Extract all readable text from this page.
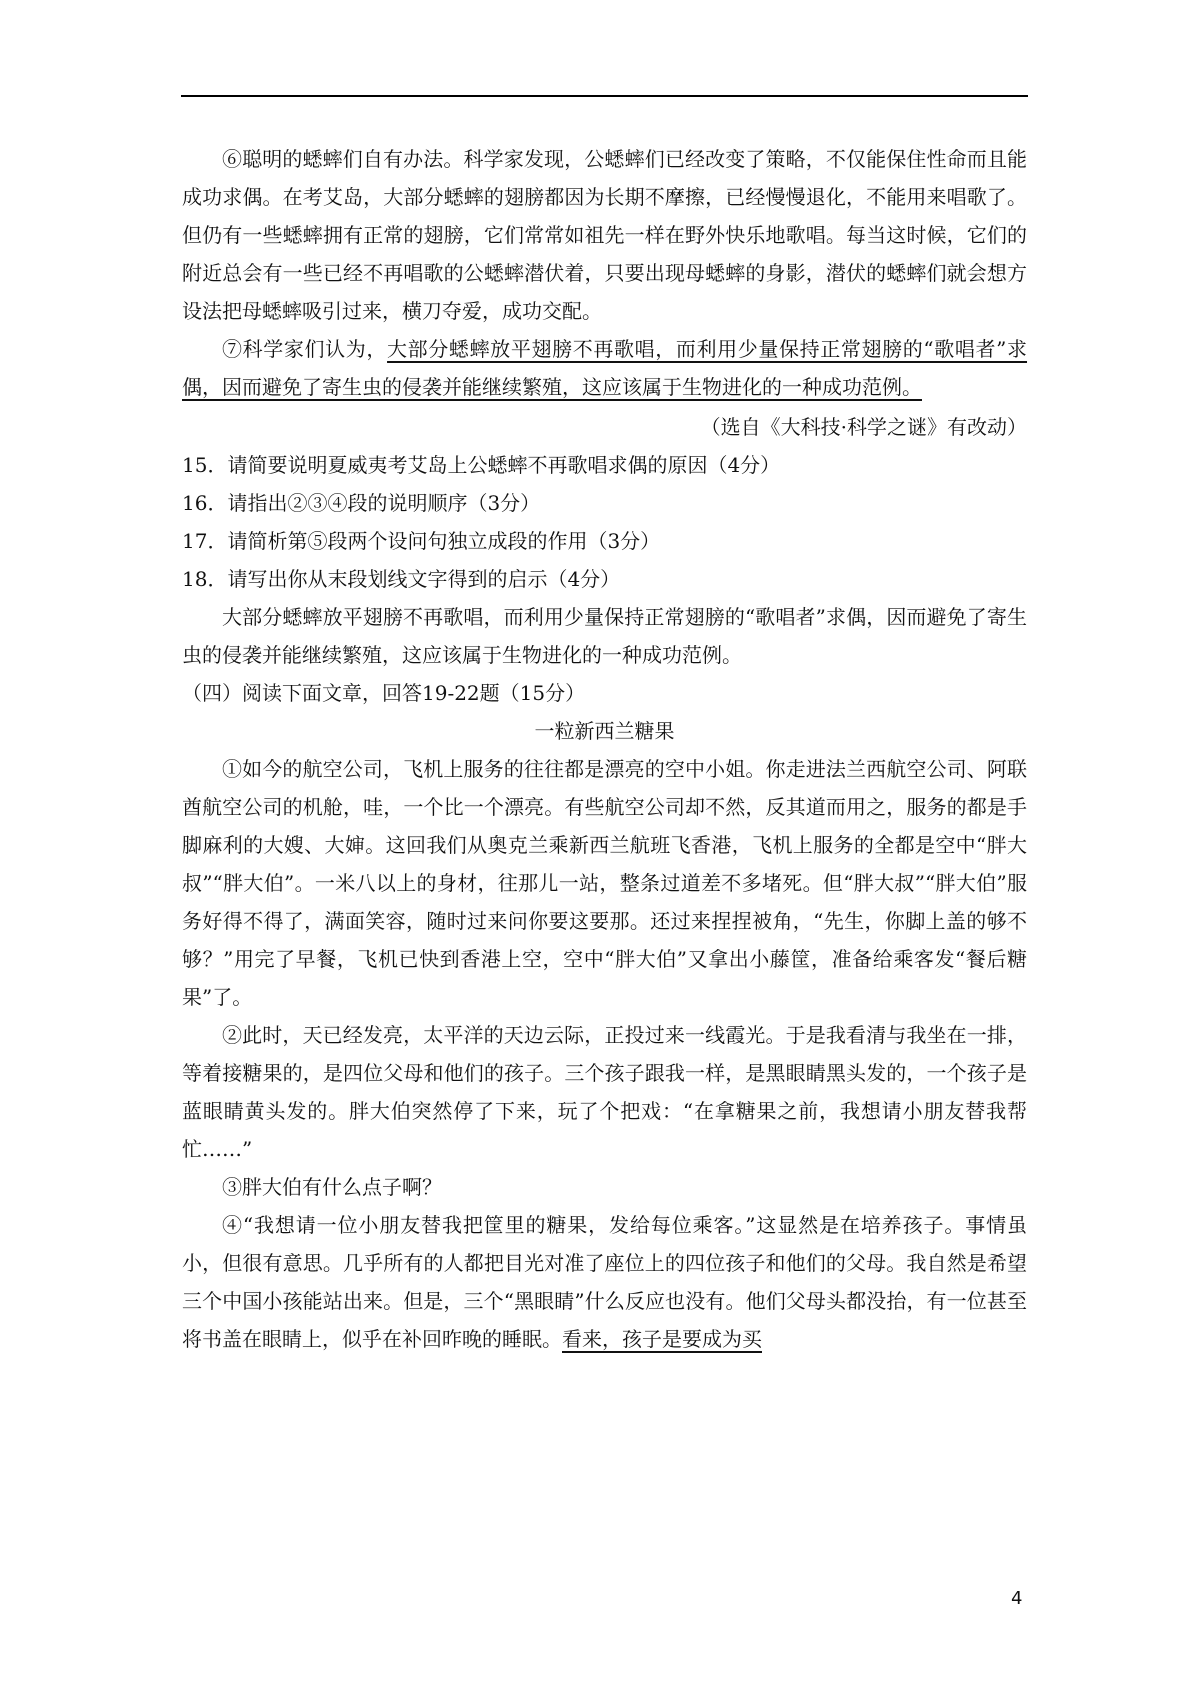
⑥聪明的蟋蟀们自有办法。科学家发现，公蟋蟀们已经改变了策略，不仅能保住性命而且能成功求偶。在考艾岛，大部分蟋蟀的翅膀都因为长期不摩擦，已经慢慢退化，不能用来唱歌了。但仍有一些蟋蟀拥有正常的翅膀，它们常常如祖先一样在野外快乐地歌唱。每当这时候，它们的附近总会有一些已经不再唱歌的公蟋蟀潜伏着，只要出现母蟋蟀的身影，潜伏的蟋蟀们就会想方设法把母蟋蟀吸引过来，横刀夺爱，成功交配。

⑦科学家们认为，大部分蟋蟀放平翅膀不再歌唱，而利用少量保持正常翅膀的“歌唱者”求偶，因而避免了寄生虫的侵袭并能继续繁殖，这应该属于生物进化的一种成功范例。

（选自《大科技·科学之谜》有改动）

15．请简要说明夏威夷考艾岛上公蟋蟀不再歌唱求偶的原因（4分）

16．请指出②③④段的说明顺序（3分）

17．请简析第⑤段两个设问句独立成段的作用（3分）

18．请写出你从末段划线文字得到的启示（4分）

大部分蟋蟀放平翅膀不再歌唱，而利用少量保持正常翅膀的“歌唱者”求偶，因而避免了寄生虫的侵袭并能继续繁殖，这应该属于生物进化的一种成功范例。

（四）阅读下面文章，回答19-22题（15分）

一粒新西兰糖果

①如今的航空公司，飞机上服务的往往都是漂亮的空中小姐。你走进法兰西航空公司、阿联酋航空公司的机舱，哇，一个比一个漂亮。有些航空公司却不然，反其道而用之，服务的都是手脚麻利的大嫂、大婶。这回我们从奥克兰乘新西兰航班飞香港，飞机上服务的全都是空中“胖大叔”“胖大伯”。一米八以上的身材，往那儿一站，整条过道差不多堵死。但“胖大叔”“胖大伯”服务好得不得了，满面笑容，随时过来问你要这要那。还过来捏捏被角，“先生，你脚上盖的够不够？”用完了早餐，飞机已快到香港上空，空中“胖大伯”又拿出小藤筐，准备给乘客发“餐后糖果”了。

②此时，天已经发亮，太平洋的天边云际，正投过来一线霞光。于是我看清与我坐在一排，等着接糖果的，是四位父母和他们的孩子。三个孩子跟我一样，是黑眼睛黑头发的，一个孩子是蓝眼睛黄头发的。胖大伯突然停了下来，玩了个把戏：“在拿糖果之前，我想请小朋友替我帮忙……”

③胖大伯有什么点子啊？

④“我想请一位小朋友替我把筐里的糖果，发给每位乘客。”这显然是在培养孩子。事情虽小，但很有意思。几乎所有的人都把目光对准了座位上的四位孩子和他们的父母。我自然是希望三个中国小孩能站出来。但是，三个“黑眼睛”什么反应也没有。他们父母头都没抬，有一位甚至将书盖在眼睛上，似乎在补回昨晚的睡眠。看来，孩子是要成为买

4
